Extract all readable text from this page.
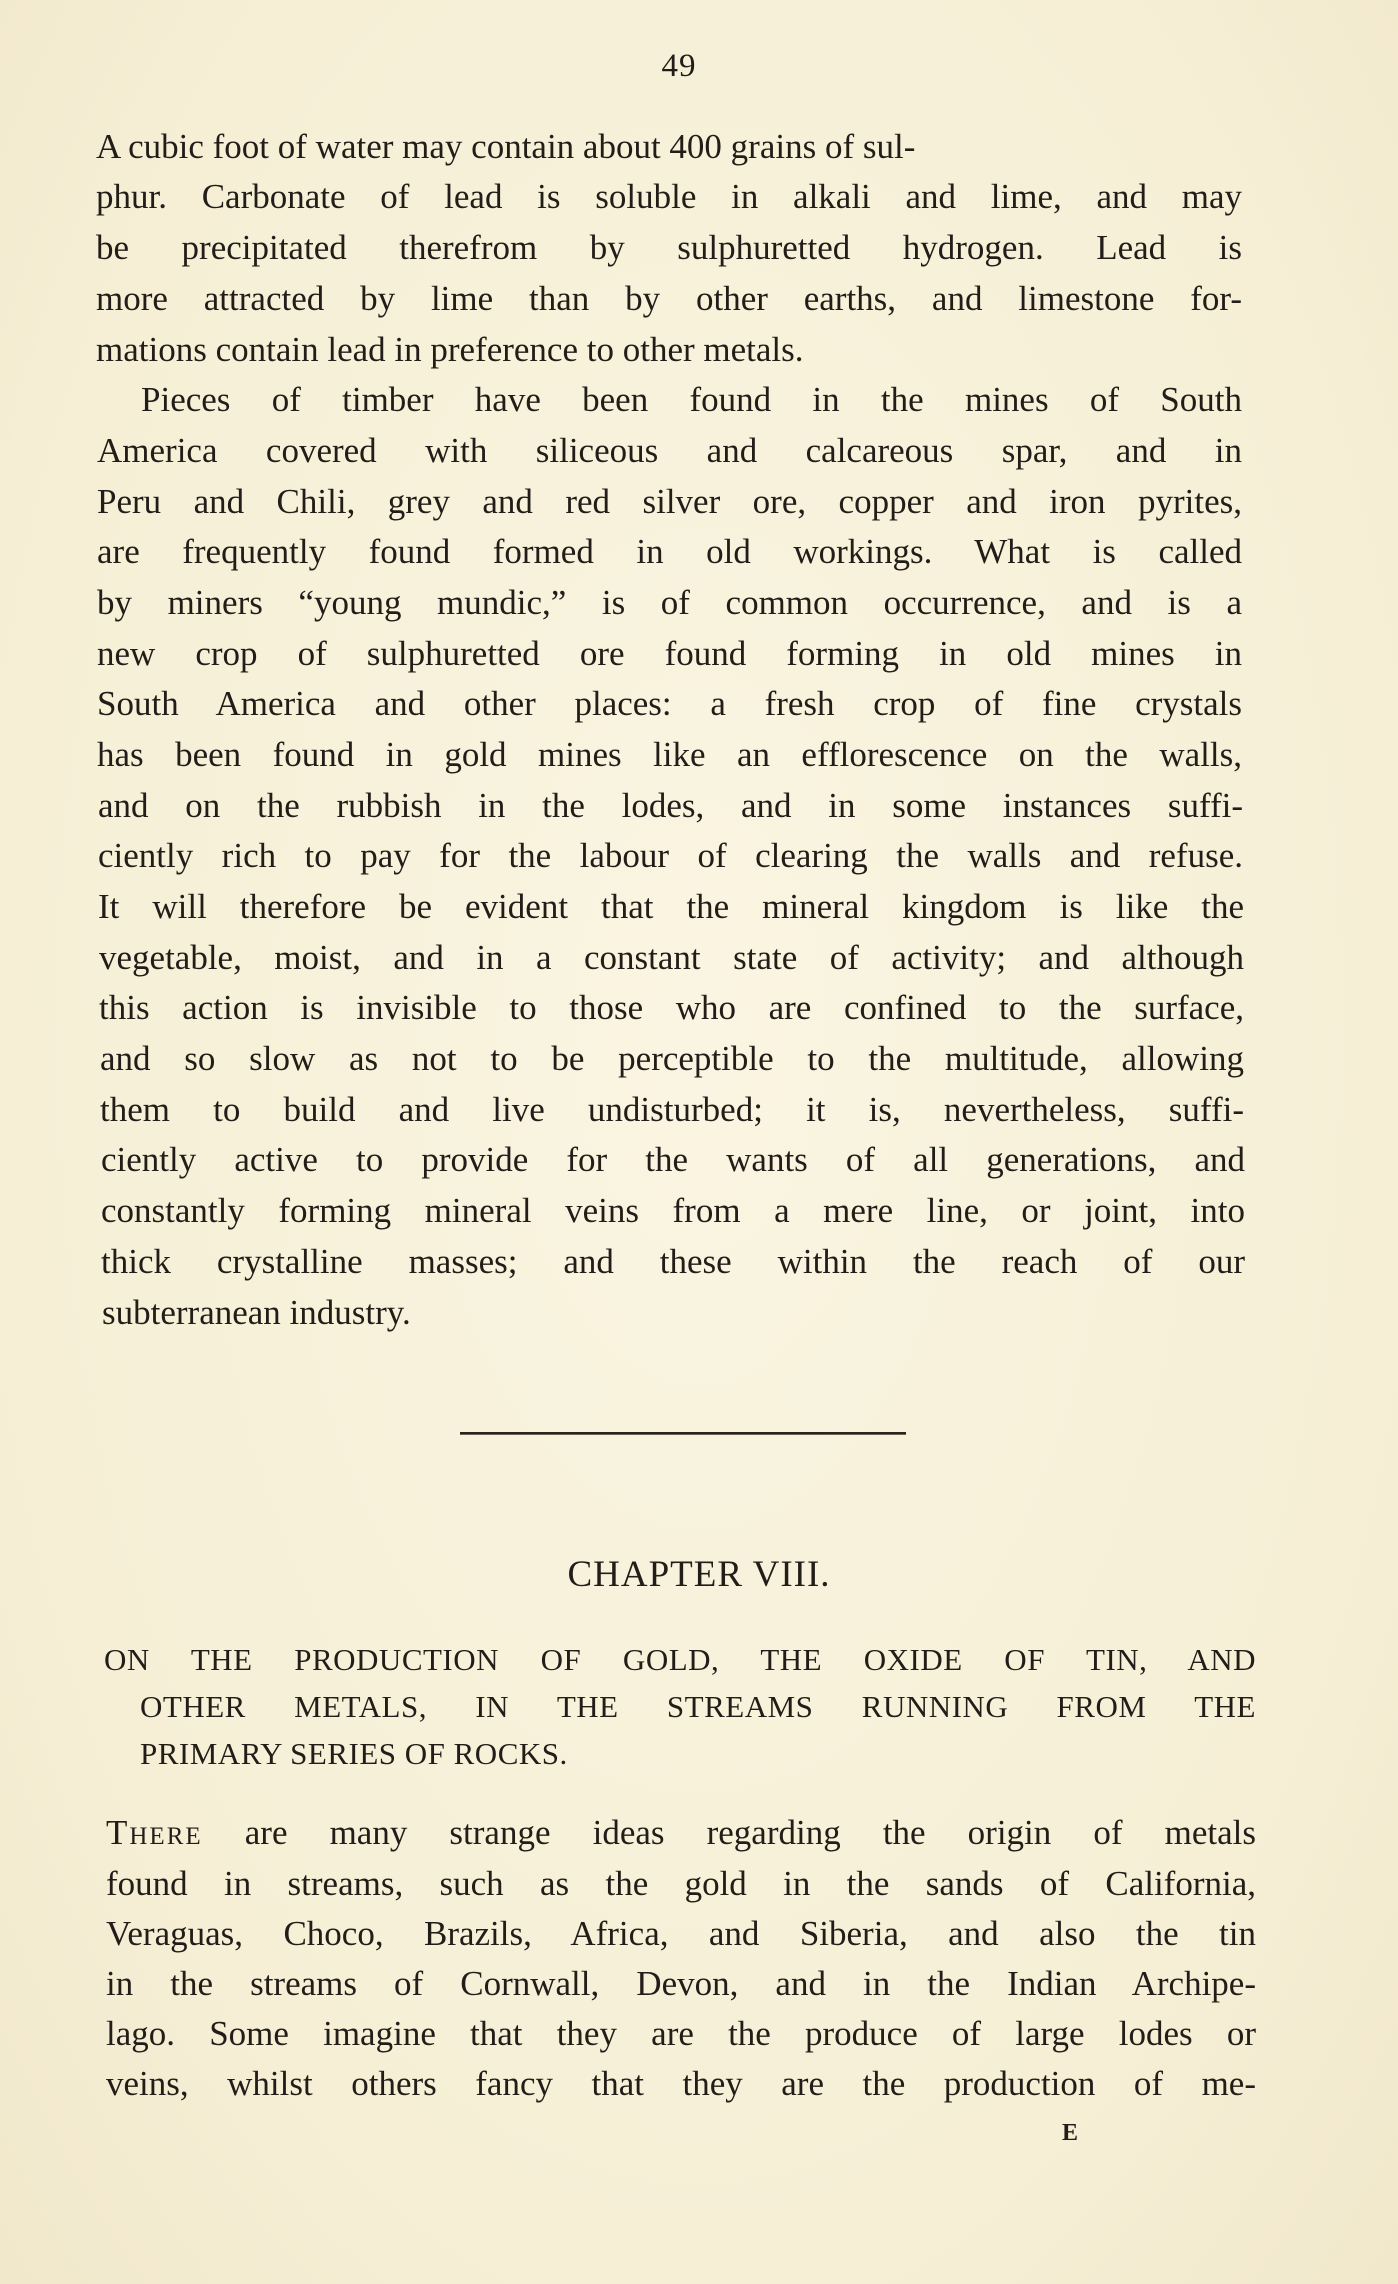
49
A cubic foot of water may contain about 400 grains of sul-
phur. Carbonate of lead is soluble in alkali and lime, and may
be precipitated therefrom by sulphuretted hydrogen. Lead is
more attracted by lime than by other earths, and limestone for-
mations contain lead in preference to other metals.
Pieces of timber have been found in the mines of South
America covered with siliceous and calcareous spar, and in
Peru and Chili, grey and red silver ore, copper and iron pyrites,
are frequently found formed in old workings. What is called
by miners “young mundic,” is of common occurrence, and is a
new crop of sulphuretted ore found forming in old mines in
South America and other places: a fresh crop of fine crystals
has been found in gold mines like an efflorescence on the walls,
and on the rubbish in the lodes, and in some instances suffi-
ciently rich to pay for the labour of clearing the walls and refuse.
It will therefore be evident that the mineral kingdom is like the
vegetable, moist, and in a constant state of activity; and although
this action is invisible to those who are confined to the surface,
and so slow as not to be perceptible to the multitude, allowing
them to build and live undisturbed; it is, nevertheless, suffi-
ciently active to provide for the wants of all generations, and
constantly forming mineral veins from a mere line, or joint, into
thick crystalline masses; and these within the reach of our
subterranean industry.
CHAPTER VIII.
ON THE PRODUCTION OF GOLD, THE OXIDE OF TIN, AND
OTHER METALS, IN THE STREAMS RUNNING FROM THE
PRIMARY SERIES OF ROCKS.
There are many strange ideas regarding the origin of metals
found in streams, such as the gold in the sands of California,
Veraguas, Choco, Brazils, Africa, and Siberia, and also the tin
in the streams of Cornwall, Devon, and in the Indian Archipe-
lago. Some imagine that they are the produce of large lodes or
veins, whilst others fancy that they are the production of me-
E
